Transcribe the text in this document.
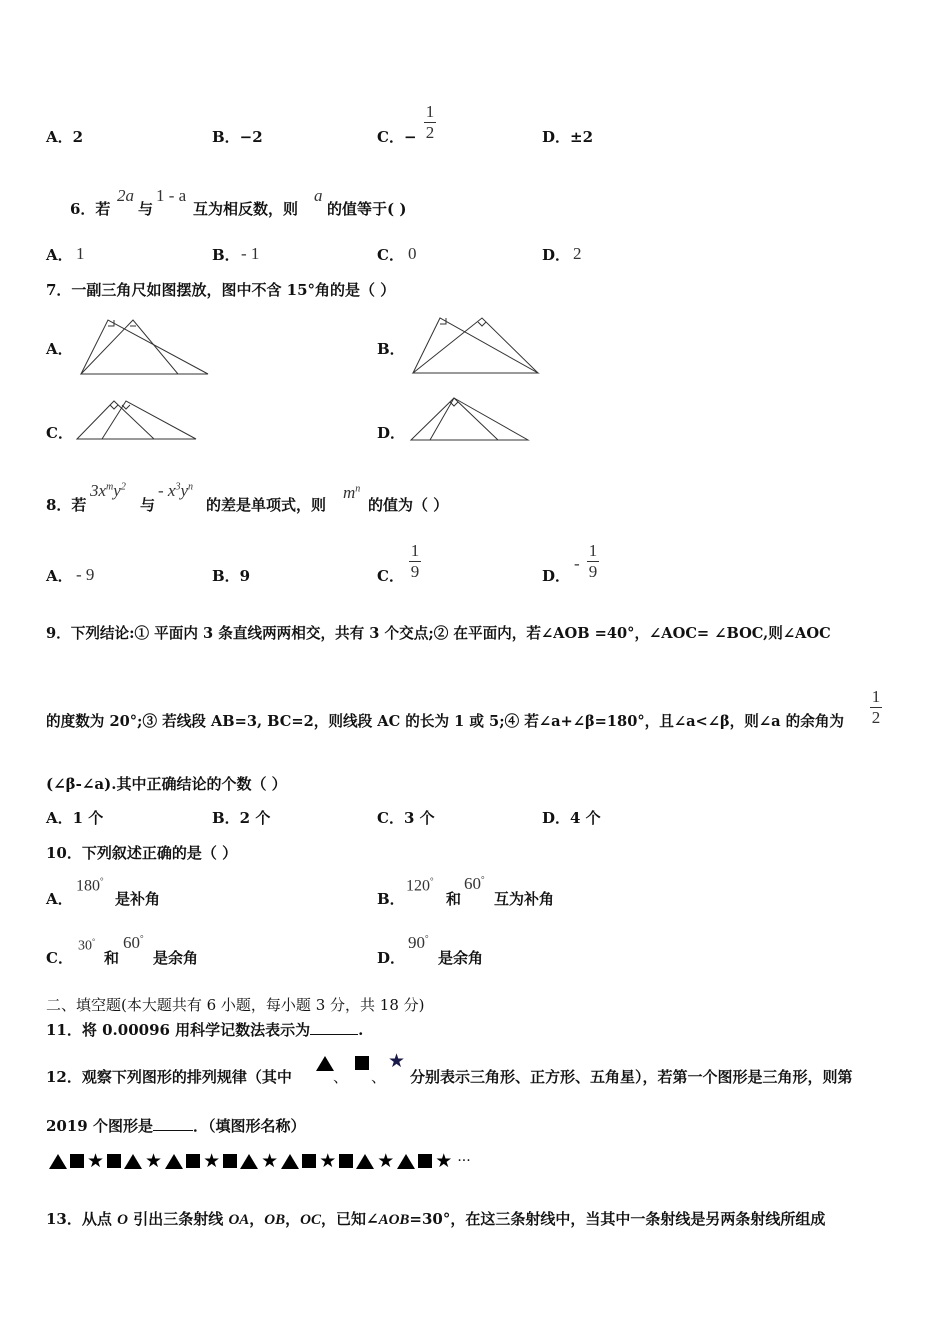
A．2	B．−2	C．−
1
2	D．±2
6．若
2a
与
1 - a
互为相反数，则
a
的值等于( )
A． 1	B． - 1	C． 0	D． 2
7．一副三角尺如图摆放，图中不含 15°角的是（ ）
A．	B．
C．	D．
8．若
$3x^my^2$
与
- $x^3y^n$
的差是单项式，则
$m^n$
的值为（ ）
A． - 9	B．9	C．
1
9	D．
-
1
9
9．下列结论:① 平面内 3 条直线两两相交，共有 3 个交点;② 在平面内，若∠AOB =40°，∠AOC= ∠BOC,则∠AOC
的度数为 20°;③ 若线段 AB=3, BC=2，则线段 AC 的长为 1 或 5;④ 若∠a+∠β=180°，且∠a<∠β，则∠a 的余角为
1
2
(∠β-∠a).其中正确结论的个数（ ）
A．1 个	B．2 个	C．3 个	D．4 个
10．下列叙述正确的是（ ）
A．
180°
是补角	B．
120°
和
60°
互为补角
C．
30°
和
60°
是余角	D．
90°
是余角
二、填空题(本大题共有 6 小题，每小题 3 分，共 18 分)
11．将 0.00096 用科学记数法表示为	.
12．观察下列图形的排列规律（其中	、 、
★
分别表示三角形、正方形、五角星），若第一个图形是三角形，则第
2019 个图形是	．（填图形名称）
★ ★ ★ ★ ★ ★ ★ ···
13．从点 O 引出三条射线 OA，OB，OC，已知∠AOB=30°，在这三条射线中，当其中一条射线是另两条射线所组成
